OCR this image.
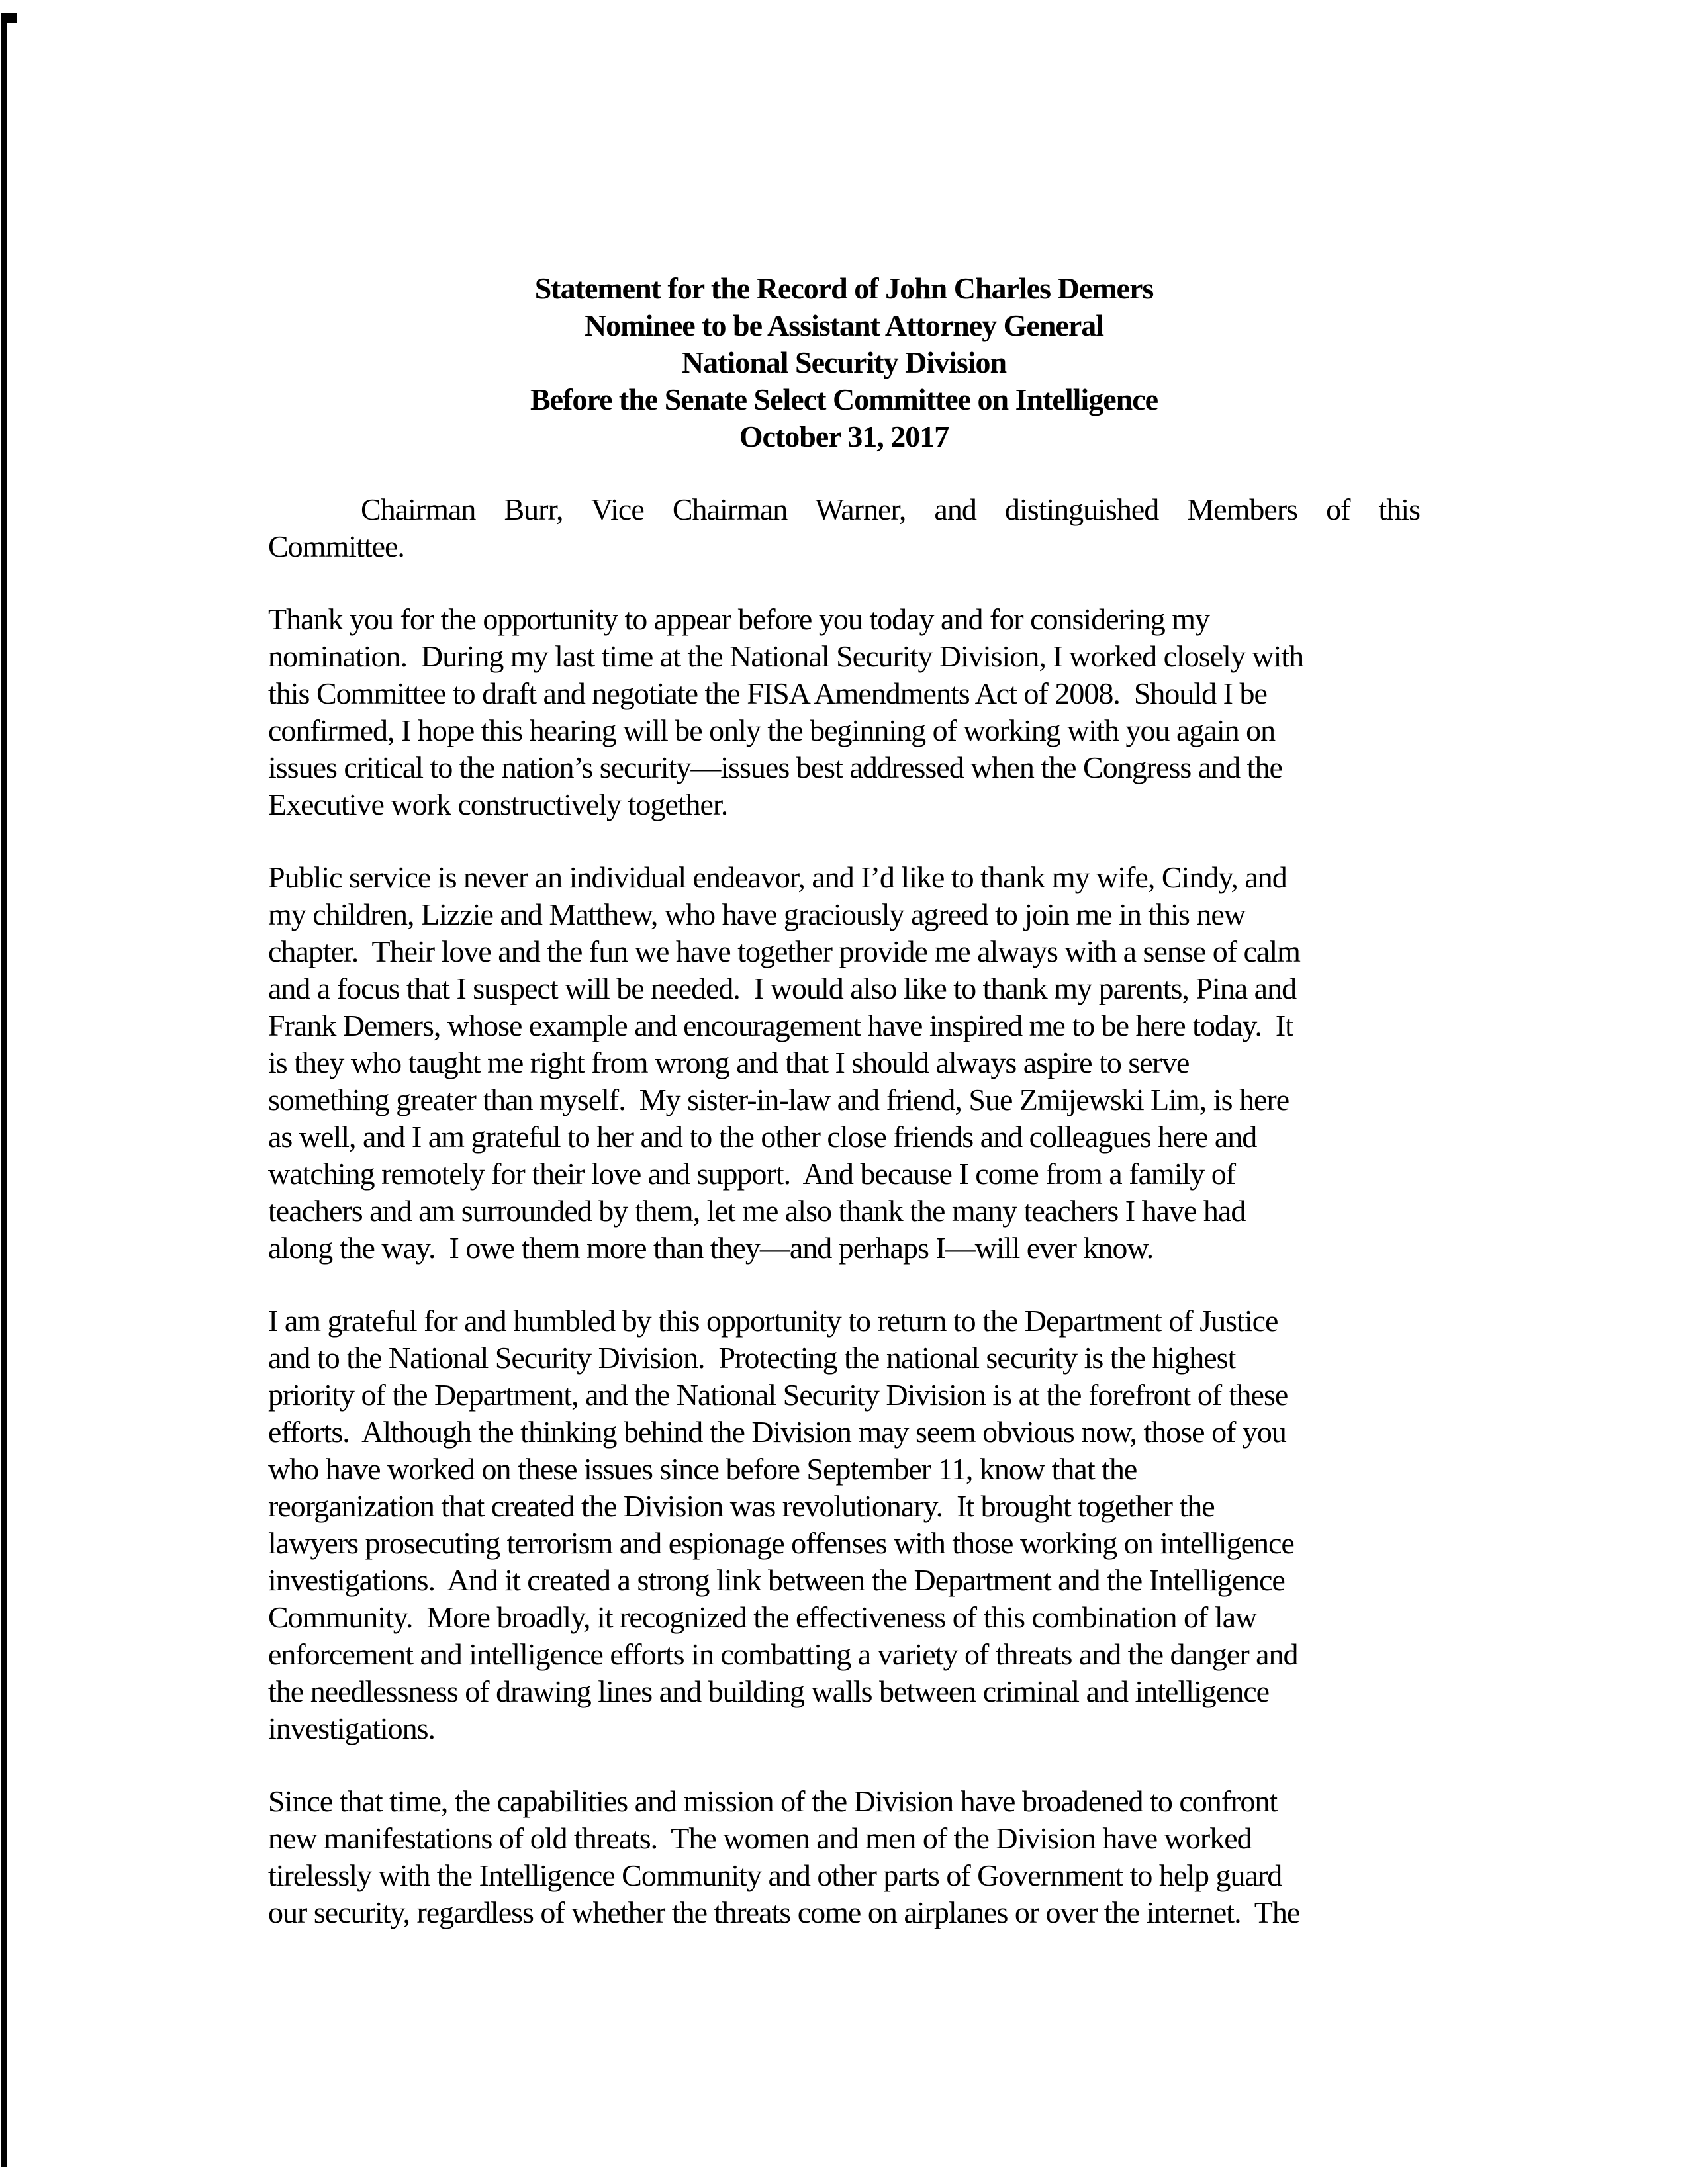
Statement for the Record of John Charles Demers
Nominee to be Assistant Attorney General
National Security Division
Before the Senate Select Committee on Intelligence
October 31, 2017
Chairman Burr, Vice Chairman Warner, and distinguished Members of this
Committee.
Thank you for the opportunity to appear before you today and for considering my
nomination.  During my last time at the National Security Division, I worked closely with
this Committee to draft and negotiate the FISA Amendments Act of 2008.  Should I be
confirmed, I hope this hearing will be only the beginning of working with you again on
issues critical to the nation’s security—issues best addressed when the Congress and the
Executive work constructively together.
Public service is never an individual endeavor, and I’d like to thank my wife, Cindy, and
my children, Lizzie and Matthew, who have graciously agreed to join me in this new
chapter.  Their love and the fun we have together provide me always with a sense of calm
and a focus that I suspect will be needed.  I would also like to thank my parents, Pina and
Frank Demers, whose example and encouragement have inspired me to be here today.  It
is they who taught me right from wrong and that I should always aspire to serve
something greater than myself.  My sister-in-law and friend, Sue Zmijewski Lim, is here
as well, and I am grateful to her and to the other close friends and colleagues here and
watching remotely for their love and support.  And because I come from a family of
teachers and am surrounded by them, let me also thank the many teachers I have had
along the way.  I owe them more than they—and perhaps I—will ever know.
I am grateful for and humbled by this opportunity to return to the Department of Justice
and to the National Security Division.  Protecting the national security is the highest
priority of the Department, and the National Security Division is at the forefront of these
efforts.  Although the thinking behind the Division may seem obvious now, those of you
who have worked on these issues since before September 11, know that the
reorganization that created the Division was revolutionary.  It brought together the
lawyers prosecuting terrorism and espionage offenses with those working on intelligence
investigations.  And it created a strong link between the Department and the Intelligence
Community.  More broadly, it recognized the effectiveness of this combination of law
enforcement and intelligence efforts in combatting a variety of threats and the danger and
the needlessness of drawing lines and building walls between criminal and intelligence
investigations.
Since that time, the capabilities and mission of the Division have broadened to confront
new manifestations of old threats.  The women and men of the Division have worked
tirelessly with the Intelligence Community and other parts of Government to help guard
our security, regardless of whether the threats come on airplanes or over the internet.  The
